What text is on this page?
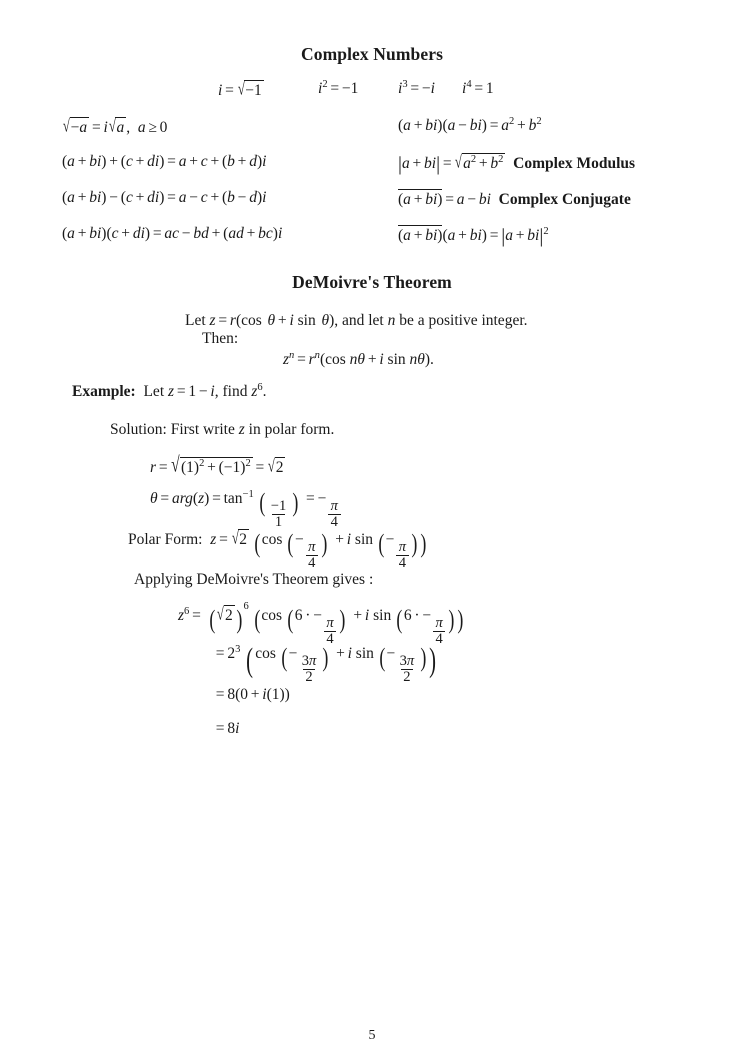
Complex Numbers
i = √−1	$i^2 = -1$	$i^3 = -i$ $i^4 = 1$
√−a = i√a ,  a ≥ 0
(a + bi) + (c + di) = a + c + (b + d)i
(a + bi) − (c + di) = a − c + (b − d)i
(a + bi)(c + di) = ac − bd + (ad + bc)i
$(a + bi)(a - bi) = a^2 + b^2$
$|a + bi| = √a^2 + b^2$ Complex Modulus
(a + bi) = a − bi Complex Conjugate
$(a + bi)(a + bi) = |a + bi|^2$
DeMoivre's Theorem
Let z = r(cos θ + i sin θ), and let n be a positive integer.
Then:
$z^n = r^n(\cos$ nθ + i sin nθ).
Example:  Let z = 1 − i, find $z^6$.
Solution: First write z in polar form.
$r = √(1)^2 + (-1)^2 = √2$
$\theta = arg(z) = \tan^{-1}$ ( $\frac{-1}{1}$ ) = −
$\frac{\pi}{4}$
Polar Form: z = √2 (cos (−
$\frac{\pi}{4}$ ) + i sin (−
$\frac{\pi}{4}$ ) )
Applying DeMoivre's Theorem gives :
$z^6$ = ( √2 )$^6$ (cos (6 · −
$\frac{\pi}{4}$ ) + i sin (6 · −
$\frac{\pi}{4}$ ) )
= $2^3$ ( cos (−
$\frac{3\pi}{2}$ ) + i sin (−
$\frac{3\pi}{2}$ ) )
= 8(0 + i(1))
= 8i
5
